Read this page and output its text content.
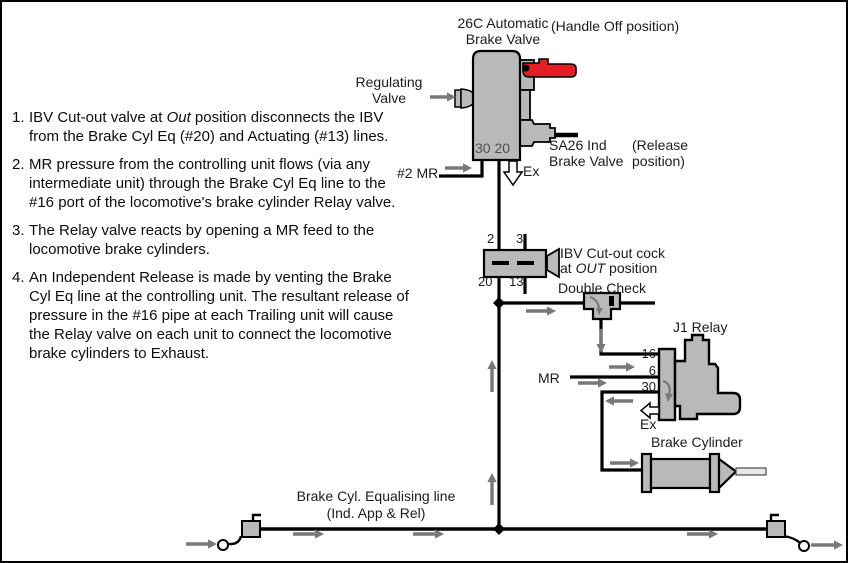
26C Automatic
Brake Valve
(Handle Off position)
Regulating Valve
30 20	SA26 Ind Brake Valve
(Release position)
#2 MR	Ex
2 3
20 13
IBV Cut-out cock
at OUT position
Double Check
J1 Relay
16
6
30
MR
Ex
Brake Cylinder
Brake Cyl. Equalising line
(Ind. App & Rel)
1. IBV Cut-out valve at Out position disconnects the IBV from the Brake Cyl Eq (#20) and Actuating (#13) lines.
2. MR pressure from the controlling unit flows (via any intermediate unit) through the Brake Cyl Eq line to the #16 port of the locomotive's brake cylinder Relay valve.
3. The Relay valve reacts by opening a MR feed to the locomotive brake cylinders.
4. An Independent Release is made by venting the Brake Cyl Eq line at the controlling unit. The resultant release of pressure in the #16 pipe at each Trailing unit will cause the Relay valve on each unit to connect the locomotive brake cylinders to Exhaust.
